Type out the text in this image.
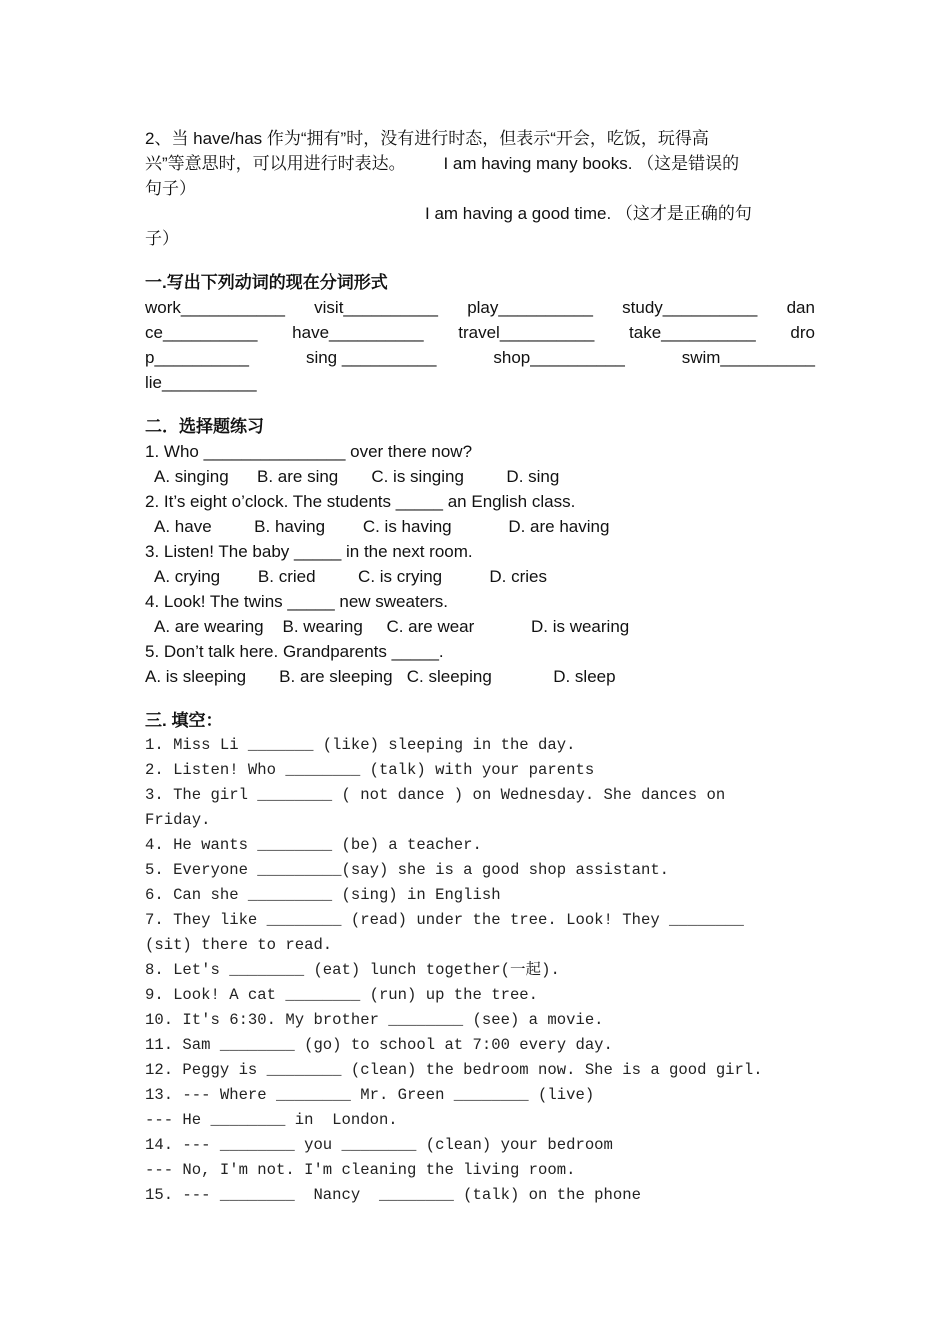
2、当 have/has 作为“拥有”时，没有进行时态，但表示“开会，吃饭，玩得高
兴”等意思时，可以用进行时表达。        I am having many books. （这是错误的
句子）
I am having a good time. （这才是正确的句
子）
一.写出下列动词的现在分词形式
work___________ visit__________ play__________ study__________ dan
ce__________ have__________ travel__________ take__________ dro
p__________	sing __________	shop__________	swim__________
lie__________
二．选择题练习
1. Who _______________ over there now?
A. singing      B. are sing       C. is singing         D. sing
2. It’s eight o’clock. The students _____ an English class.
A. have         B. having        C. is having            D. are having
3. Listen! The baby _____ in the next room.
A. crying        B. cried         C. is crying          D. cries
4. Look! The twins _____ new sweaters.
A. are wearing    B. wearing     C. are wear            D. is wearing
5. Don’t talk here. Grandparents _____.
A. is sleeping       B. are sleeping   C. sleeping             D. sleep
三. 填空：
1. Miss Li _______ (like) sleeping in the day.
2. Listen! Who ________ (talk) with your parents
3. The girl ________ ( not dance ) on Wednesday. She dances on
Friday.
4. He wants ________ (be) a teacher.
5. Everyone _________(say) she is a good shop assistant.
6. Can she _________ (sing) in English
7. They like ________ (read) under the tree. Look! They ________
(sit) there to read.
8. Let's ________ (eat) lunch together(一起).
9. Look! A cat ________ (run) up the tree.
10. It's 6:30. My brother ________ (see) a movie.
11. Sam ________ (go) to school at 7:00 every day.
12. Peggy is ________ (clean) the bedroom now. She is a good girl.
13. --- Where ________ Mr. Green ________ (live)
--- He ________ in  London.
14. --- ________ you ________ (clean) your bedroom
--- No, I'm not. I'm cleaning the living room.
15. --- ________  Nancy  ________ (talk) on the phone
